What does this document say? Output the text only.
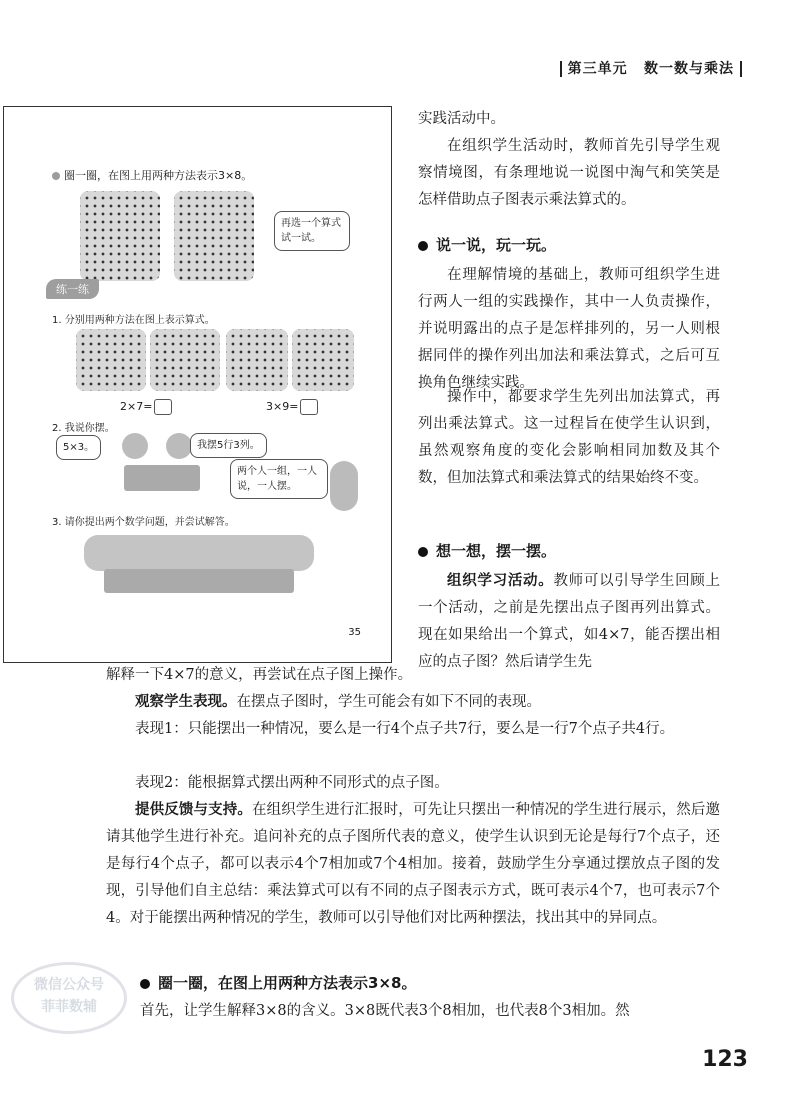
第三单元 数一数与乘法
圈一圈，在图上用两种方法表示3×8。
再选一个算式试一试。
练一练
1. 分别用两种方法在图上表示算式。
2×7=	3×9=
2. 我说你摆。
5×3。	我摆5行3列。
两个人一组，一人说，一人摆。
3. 请你提出两个数学问题，并尝试解答。
35

实践活动中。

在组织学生活动时，教师首先引导学生观察情境图，有条理地说一说图中淘气和笑笑是怎样借助点子图表示乘法算式的。

说一说，玩一玩。

在理解情境的基础上，教师可组织学生进行两人一组的实践操作，其中一人负责操作，并说明露出的点子是怎样排列的，另一人则根据同伴的操作列出加法和乘法算式，之后可互换角色继续实践。

操作中，都要求学生先列出加法算式，再列出乘法算式。这一过程旨在使学生认识到，虽然观察角度的变化会影响相同加数及其个数，但加法算式和乘法算式的结果始终不变。

想一想，摆一摆。

组织学习活动。教师可以引导学生回顾上一个活动，之前是先摆出点子图再列出算式。现在如果给出一个算式，如4×7，能否摆出相应的点子图？然后请学生先

解释一下4×7的意义，再尝试在点子图上操作。

观察学生表现。在摆点子图时，学生可能会有如下不同的表现。

表现1：只能摆出一种情况，要么是一行4个点子共7行，要么是一行7个点子共4行。

表现2：能根据算式摆出两种不同形式的点子图。

提供反馈与支持。在组织学生进行汇报时，可先让只摆出一种情况的学生进行展示，然后邀请其他学生进行补充。追问补充的点子图所代表的意义，使学生认识到无论是每行7个点子，还是每行4个点子，都可以表示4个7相加或7个4相加。接着，鼓励学生分享通过摆放点子图的发现，引导他们自主总结：乘法算式可以有不同的点子图表示方式，既可表示4个7，也可表示7个4。对于能摆出两种情况的学生，教师可以引导他们对比两种摆法，找出其中的异同点。

圈一圈，在图上用两种方法表示3×8。

首先，让学生解释3×8的含义。3×8既代表3个8相加，也代表8个3相加。然

微信公众号
菲菲数辅
123
